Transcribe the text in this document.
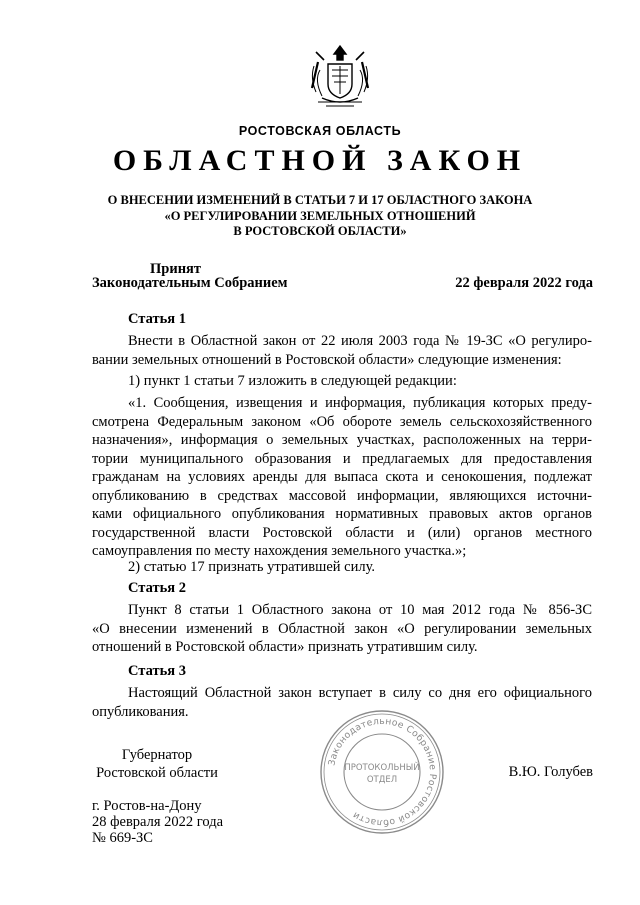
РОСТОВСКАЯ ОБЛАСТЬ
ОБЛАСТНОЙ ЗАКОН
О ВНЕСЕНИИ ИЗМЕНЕНИЙ В СТАТЬИ 7 И 17 ОБЛАСТНОГО ЗАКОНА
«О РЕГУЛИРОВАНИИ ЗЕМЕЛЬНЫХ ОТНОШЕНИЙ
В РОСТОВСКОЙ ОБЛАСТИ»
Принят
Законодательным Собранием	22 февраля 2022 года
Статья 1
Внести в Областной закон от 22 июля 2003 года № 19-ЗС «О регулиро-
вании земельных отношений в Ростовской области» следующие изменения:
1) пункт 1 статьи 7 изложить в следующей редакции:
«1. Сообщения, извещения и информация, публикация которых преду-
смотрена Федеральным законом «Об обороте земель сельскохозяйственного
назначения», информация о земельных участках, расположенных на терри-
тории муниципального образования и предлагаемых для предоставления
гражданам на условиях аренды для выпаса скота и сенокошения, подлежат
опубликованию в средствах массовой информации, являющихся источни-
ками официального опубликования нормативных правовых актов органов
государственной власти Ростовской области и (или) органов местного
самоуправления по месту нахождения земельного участка.»;
2) статью 17 признать утратившей силу.
Статья 2
Пункт 8 статьи 1 Областного закона от 10 мая 2012 года № 856-ЗС
«О внесении изменений в Областной закон «О регулировании земельных
отношений в Ростовской области» признать утратившим силу.
Статья 3
Настоящий Областной закон вступает в силу со дня его официального
опубликования.
Губернатор
Ростовской области	В.Ю. Голубев
Законодательное Собрание Ростовской области
ПРОТОКОЛЬНЫЙ
ОТДЕЛ
г. Ростов-на-Дону
28 февраля 2022 года
№ 669-ЗС
